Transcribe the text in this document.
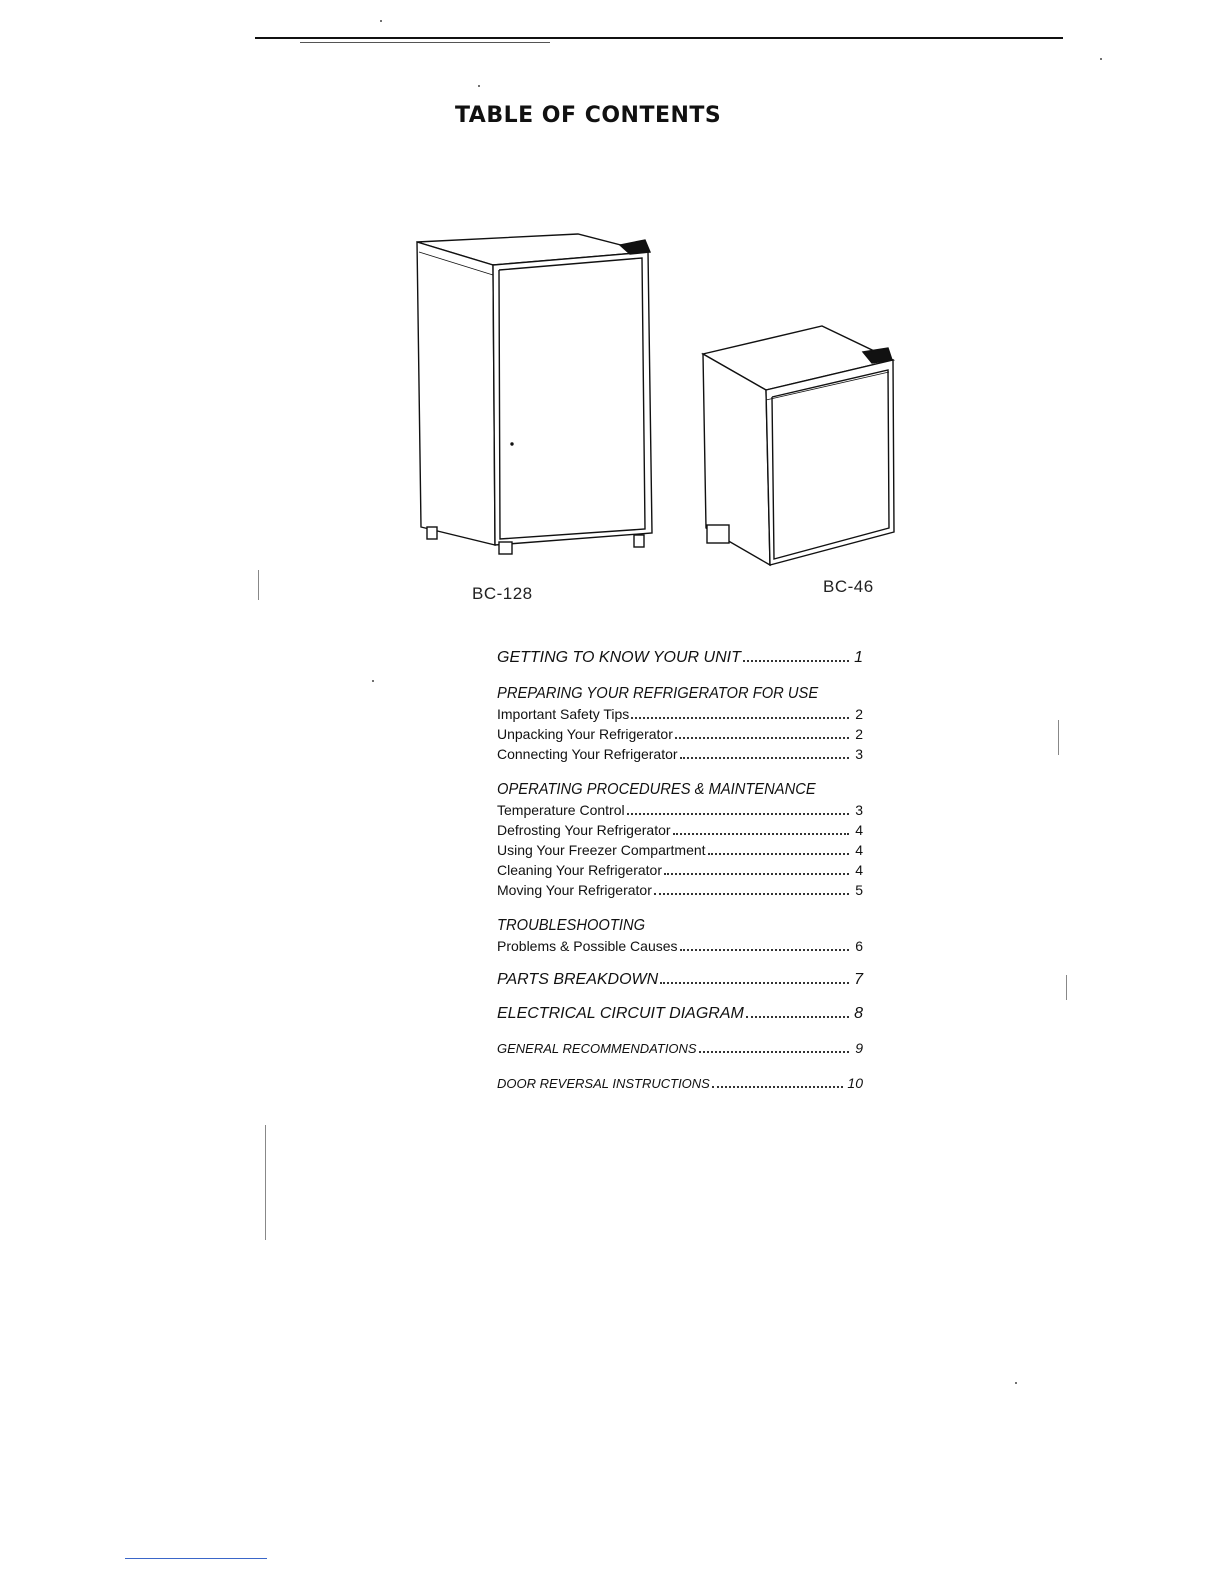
TABLE OF CONTENTS
BC-128	BC-46
GETTING TO KNOW YOUR UNIT	1
PREPARING YOUR REFRIGERATOR FOR USE
Important Safety Tips	2
Unpacking Your Refrigerator	2
Connecting Your Refrigerator	3
OPERATING PROCEDURES & MAINTENANCE
Temperature Control	3
Defrosting Your Refrigerator	4
Using Your Freezer Compartment	4
Cleaning Your Refrigerator	4
Moving Your Refrigerator	5
TROUBLESHOOTING
Problems & Possible Causes	6
PARTS BREAKDOWN	7
ELECTRICAL CIRCUIT DIAGRAM	8
GENERAL RECOMMENDATIONS	9
DOOR REVERSAL INSTRUCTIONS	10
